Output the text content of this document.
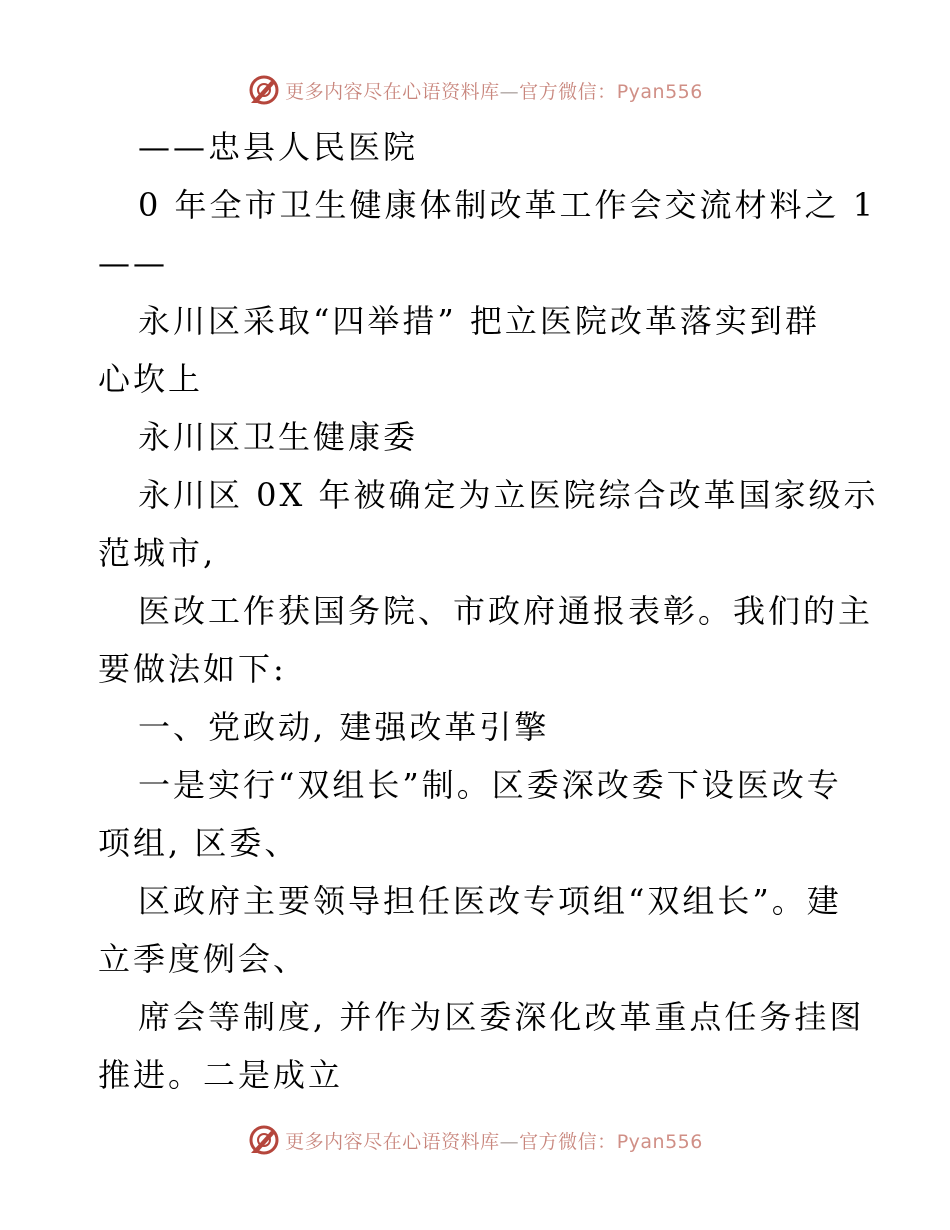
更多内容尽在心语资料库—官方微信：Pyan556
——忠县人民医院
0 年全市卫生健康体制改革工作会交流材料之 1
——
永川区采取“四举措” 把立医院改革落实到群
心坎上
永川区卫生健康委
永川区 0X 年被确定为立医院综合改革国家级示
范城市,
医改工作获国务院、市政府通报表彰。我们的主
要做法如下:
一、党政动, 建强改革引擎
一是实行“双组长”制。区委深改委下设医改专
项组, 区委、
区政府主要领导担任医改专项组“双组长”。建
立季度例会、
席会等制度, 并作为区委深化改革重点任务挂图
推进。二是成立
更多内容尽在心语资料库—官方微信：Pyan556
